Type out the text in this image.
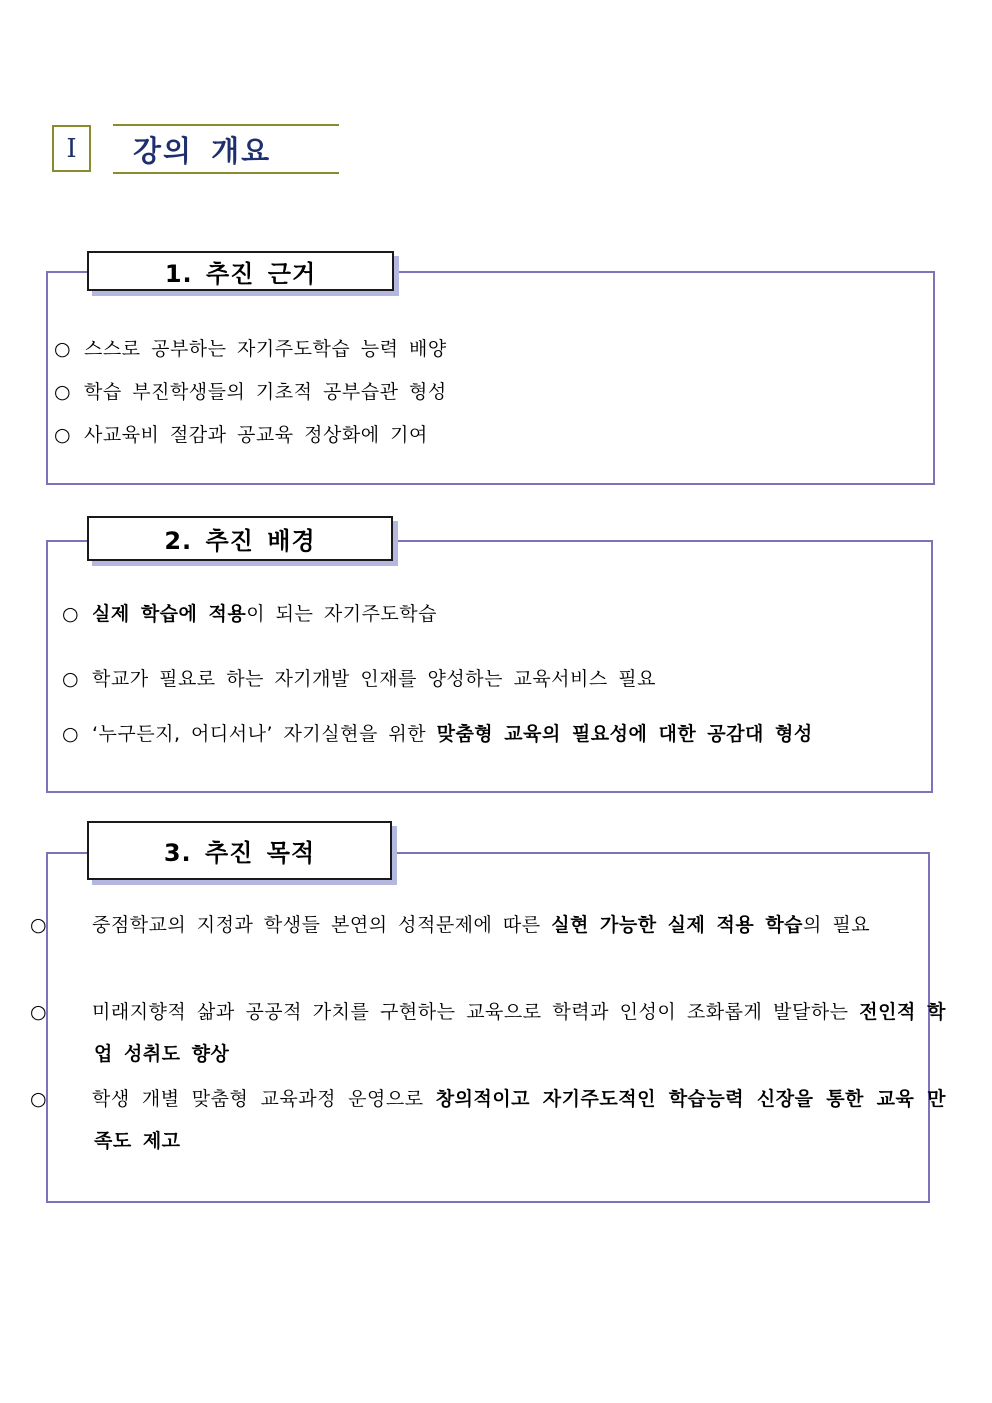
Ⅰ	강의 개요
1. 추진 근거
○ 스스로 공부하는 자기주도학습 능력 배양
○ 학습 부진학생들의 기초적 공부습관 형성
○ 사교육비 절감과 공교육 정상화에 기여
2. 추진 배경
○ 실제 학습에 적용이 되는 자기주도학습
○ 학교가 필요로 하는 자기개발 인재를 양성하는 교육서비스 필요
○ ‘누구든지, 어디서나’ 자기실현을 위한 맞춤형 교육의 필요성에 대한 공감대 형성
3. 추진 목적
○ 중점학교의 지정과 학생들 본연의 성적문제에 따른 실현 가능한 실제 적용 학습의 필요
○ 미래지향적 삶과 공공적 가치를 구현하는 교육으로 학력과 인성이 조화롭게 발달하는 전인적 학업 성취도 향상
○ 학생 개별 맞춤형 교육과정 운영으로 창의적이고 자기주도적인 학습능력 신장을 통한 교육 만족도 제고
